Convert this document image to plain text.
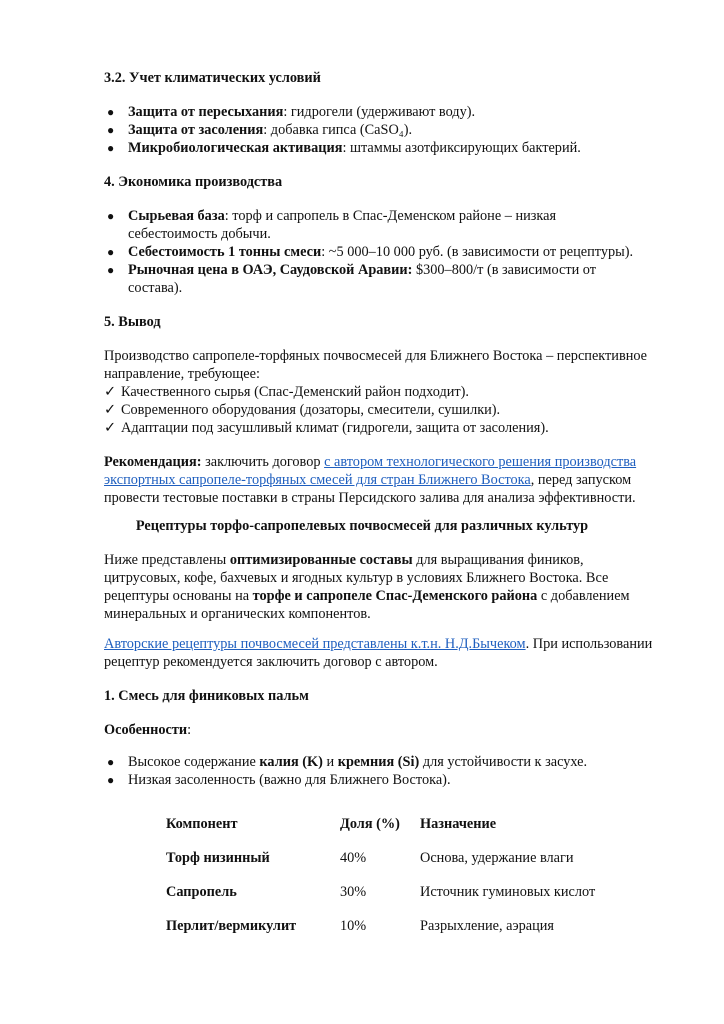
3.2. Учет климатических условий
● Защита от пересыхания: гидрогели (удерживают воду).
● Защита от засоления: добавка гипса (CaSO₄).
● Микробиологическая активация: штаммы азотфиксирующих бактерий.
4. Экономика производства
● Сырьевая база: торф и сапропель в Спас-Деменском районе – низкая
себестоимость добычи.
● Себестоимость 1 тонны смеси: ~5 000–10 000 руб. (в зависимости от рецептуры).
● Рыночная цена в ОАЭ, Саудовской Аравии: $300–800/т (в зависимости от
состава).
5. Вывод
Производство сапропеле-торфяных почвосмесей для Ближнего Востока – перспективное
направление, требующее:
✓ Качественного сырья (Спас-Деменский район подходит).
✓ Современного оборудования (дозаторы, смесители, сушилки).
✓ Адаптации под засушливый климат (гидрогели, защита от засоления).
Рекомендация: заключить договор с автором технологического решения производства
экспортных сапропеле-торфяных смесей для стран Ближнего Востока, перед запуском
провести тестовые поставки в страны Персидского залива для анализа эффективности.
Рецептуры торфо-сапропелевых почвосмесей для различных культур
Ниже представлены оптимизированные составы для выращивания фиников,
цитрусовых, кофе, бахчевых и ягодных культур в условиях Ближнего Востока. Все
рецептуры основаны на торфе и сапропеле Спас-Деменского района с добавлением
минеральных и органических компонентов.
Авторские рецептуры почвосмесей представлены к.т.н. Н.Д.Бычеком. При использовании
рецептур рекомендуется заключить договор с автором.
1. Смесь для финиковых пальм
Особенности:
● Высокое содержание калия (K) и кремния (Si) для устойчивости к засухе.
● Низкая засоленность (важно для Ближнего Востока).
Компонент	Доля (%) Назначение
Торф низинный	40%	Основа, удержание влаги
Сапропель	30%	Источник гуминовых кислот
Перлит/вермикулит	10%	Разрыхление, аэрация
